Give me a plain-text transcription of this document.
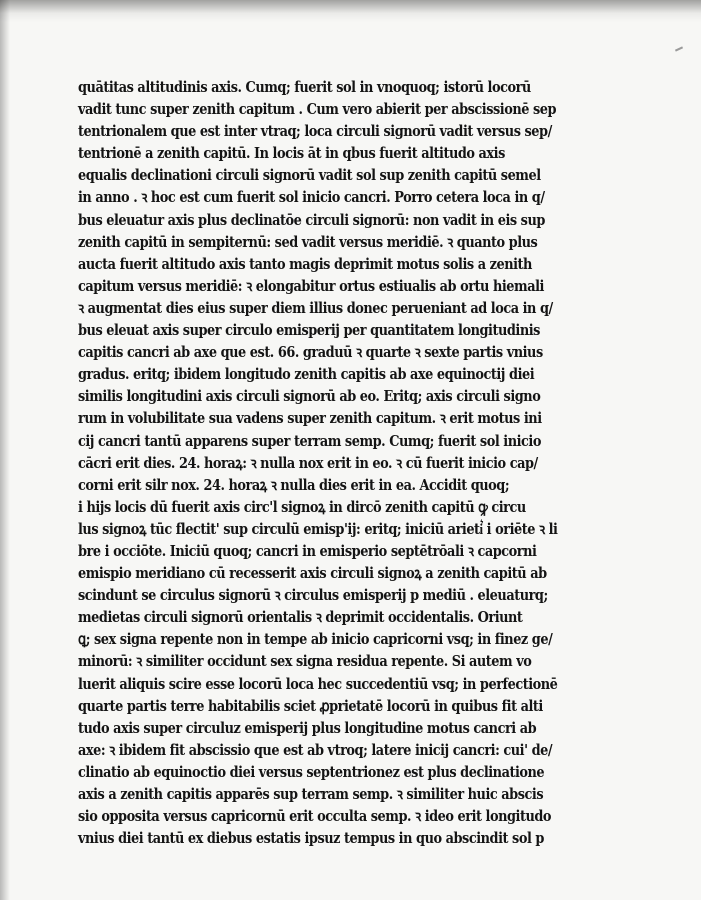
quātitas altitudinis axis. Cumq; fuerit sol in vnoquoq; istorū locorū
vadit tunc super zenith capitum . Cum vero abierit per abscissionē sep
tentrionalem que est inter vtraq; loca circuli signorū vadit versus sep/
tentrionē a zenith capitū. In locis āt in qbus fuerit altitudo axis
equalis declinationi circuli signorū vadit sol sup zenith capitū semel
in anno . ꝛ hoc est cum fuerit sol inicio cancri. Porro cetera loca in q/
bus eleuatur axis plus declinatōe circuli signorū: non vadit in eis sup
zenith capitū in sempiternū: sed vadit versus meridiē. ꝛ quanto plus
aucta fuerit altitudo axis tanto magis deprimit motus solis a zenith
capitum versus meridiē: ꝛ elongabitur ortus estiualis ab ortu hiemali
ꝛ augmentat dies eius super diem illius donec perueniant ad loca in q/
bus eleuat axis super circulo emisperij per quantitatem longitudinis
capitis cancri ab axe que est. 66. graduū ꝛ quarte ꝛ sexte partis vnius
gradus. eritq; ibidem longitudo zenith capitis ab axe equinoctij diei
similis longitudini axis circuli signorū ab eo. Eritq; axis circuli signo
rum in volubilitate sua vadens super zenith capitum. ꝛ erit motus ini
cij cancri tantū apparens super terram semp. Cumq; fuerit sol inicio
cācri erit dies. 24. horaꝝ: ꝛ nulla nox erit in eo. ꝛ cū fuerit inicio cap/
corni erit silr nox. 24. horaꝝ ꝛ nulla dies erit in ea. Accidit quoq;
i hijs locis dū fuerit axis circ'l signoꝝ in dircō zenith capitū ꝙ circu
lus signoꝝ tūc flectit' sup circulū emisp'ij: eritq; iniciū arieti͛ i oriēte ꝛ li
bre i occiōte. Iniciū quoq; cancri in emisperio septētrōali ꝛ capcorni
emispio meridiano cū recesserit axis circuli signoꝝ a zenith capitū ab
scindunt se circulus signorū ꝛ circulus emisperij p mediū . eleuaturq;
medietas circuli signorū orientalis ꝛ deprimit occidentalis. Oriunt
ꝗ; sex signa repente non in tempe ab inicio capricorni vsq; in finez ge/
minorū: ꝛ similiter occidunt sex signa residua repente. Si autem vo
luerit aliquis scire esse locorū loca hec succedentiū vsq; in perfectionē
quarte partis terre habitabilis sciet ꝓprietatē locorū in quibus fit alti
tudo axis super circuluz emisperij plus longitudine motus cancri ab
axe: ꝛ ibidem fit abscissio que est ab vtroq; latere inicij cancri: cui' de/
clinatio ab equinoctio diei versus septentrionez est plus declinatione
axis a zenith capitis apparēs sup terram semp. ꝛ similiter huic abscis
sio opposita versus capricornū erit occulta semp. ꝛ ideo erit longitudo
vnius diei tantū ex diebus estatis ipsuz tempus in quo abscindit sol p
